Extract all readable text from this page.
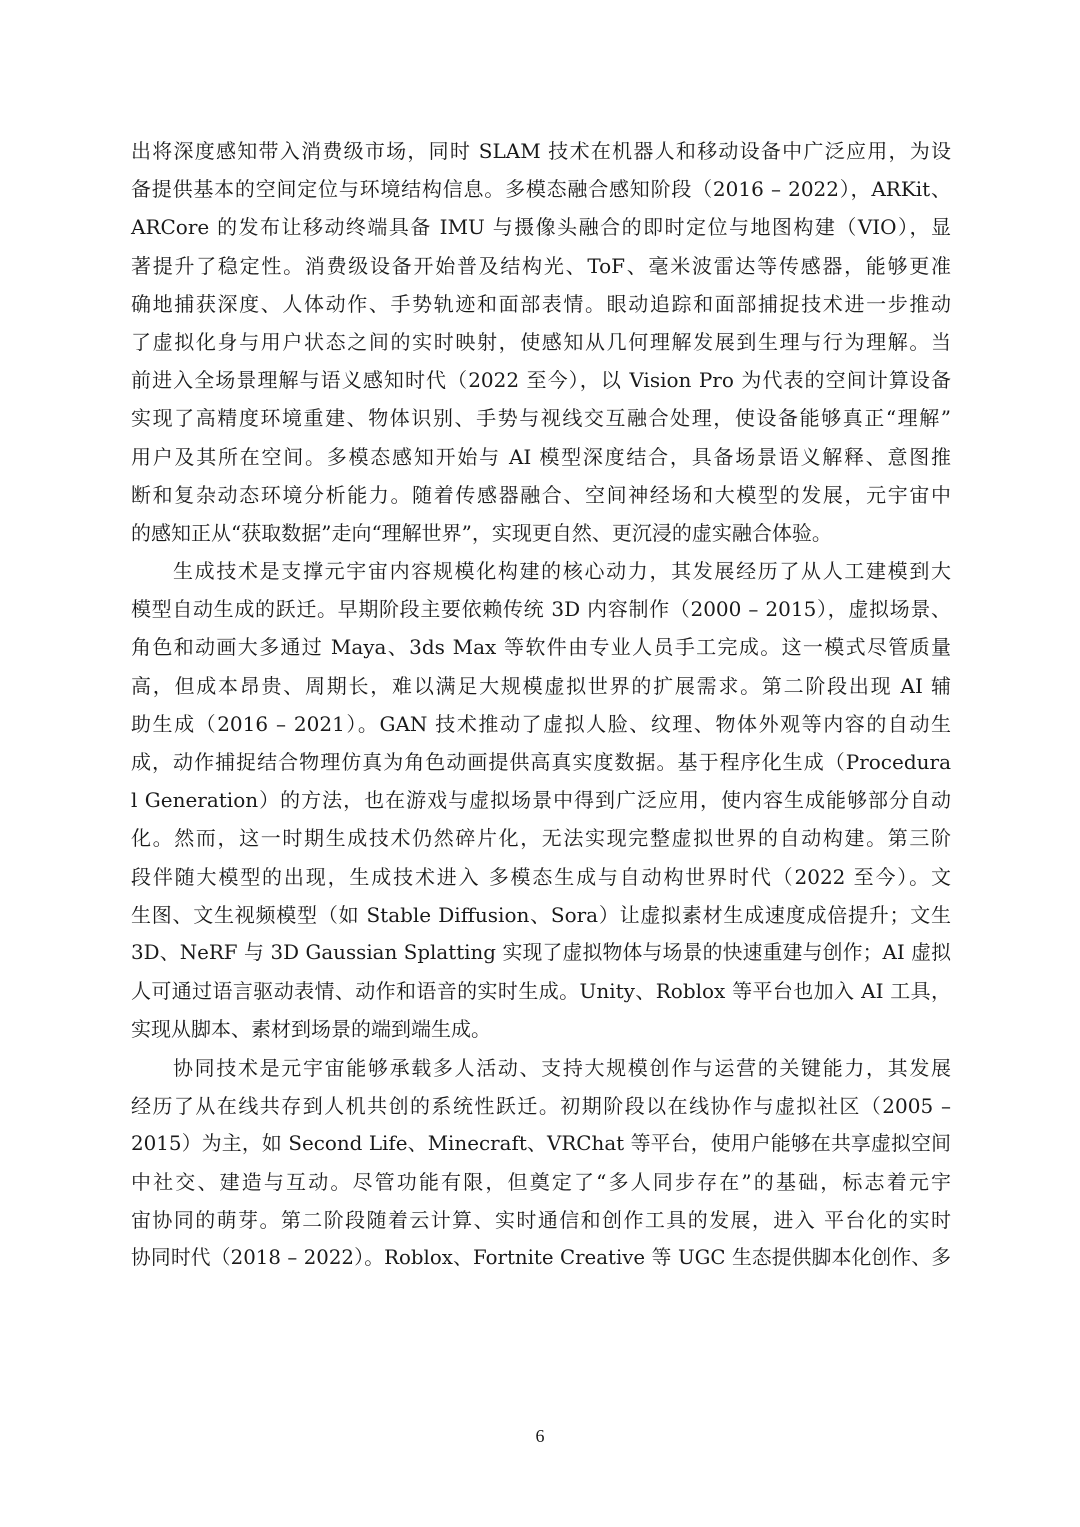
出将深度感知带入消费级市场，同时 SLAM 技术在机器人和移动设备中广泛应用，为设
备提供基本的空间定位与环境结构信息。多模态融合感知阶段（2016 – 2022），ARKit、
ARCore 的发布让移动终端具备 IMU 与摄像头融合的即时定位与地图构建（VIO），显
著提升了稳定性。消费级设备开始普及结构光、ToF、毫米波雷达等传感器，能够更准
确地捕获深度、人体动作、手势轨迹和面部表情。眼动追踪和面部捕捉技术进一步推动
了虚拟化身与用户状态之间的实时映射，使感知从几何理解发展到生理与行为理解。当
前进入全场景理解与语义感知时代（2022 至今），以 Vision Pro 为代表的空间计算设备
实现了高精度环境重建、物体识别、手势与视线交互融合处理，使设备能够真正“理解”
用户及其所在空间。多模态感知开始与 AI 模型深度结合，具备场景语义解释、意图推
断和复杂动态环境分析能力。随着传感器融合、空间神经场和大模型的发展，元宇宙中
的感知正从“获取数据”走向“理解世界”，实现更自然、更沉浸的虚实融合体验。
生成技术是支撑元宇宙内容规模化构建的核心动力，其发展经历了从人工建模到大
模型自动生成的跃迁。早期阶段主要依赖传统 3D 内容制作（2000 – 2015），虚拟场景、
角色和动画大多通过 Maya、3ds Max 等软件由专业人员手工完成。这一模式尽管质量
高，但成本昂贵、周期长，难以满足大规模虚拟世界的扩展需求。第二阶段出现 AI 辅
助生成（2016 – 2021）。GAN 技术推动了虚拟人脸、纹理、物体外观等内容的自动生
成，动作捕捉结合物理仿真为角色动画提供高真实度数据。基于程序化生成（Procedura
l Generation）的方法，也在游戏与虚拟场景中得到广泛应用，使内容生成能够部分自动
化。然而，这一时期生成技术仍然碎片化，无法实现完整虚拟世界的自动构建。第三阶
段伴随大模型的出现，生成技术进入 多模态生成与自动构世界时代（2022 至今）。文
生图、文生视频模型（如 Stable Diffusion、Sora）让虚拟素材生成速度成倍提升；文生
3D、NeRF 与 3D Gaussian Splatting 实现了虚拟物体与场景的快速重建与创作；AI 虚拟
人可通过语言驱动表情、动作和语音的实时生成。Unity、Roblox 等平台也加入 AI 工具，
实现从脚本、素材到场景的端到端生成。
协同技术是元宇宙能够承载多人活动、支持大规模创作与运营的关键能力，其发展
经历了从在线共存到人机共创的系统性跃迁。初期阶段以在线协作与虚拟社区（2005 –
2015）为主，如 Second Life、Minecraft、VRChat 等平台，使用户能够在共享虚拟空间
中社交、建造与互动。尽管功能有限，但奠定了“多人同步存在”的基础，标志着元宇
宙协同的萌芽。第二阶段随着云计算、实时通信和创作工具的发展，进入 平台化的实时
协同时代（2018 – 2022）。Roblox、Fortnite Creative 等 UGC 生态提供脚本化创作、多
6
